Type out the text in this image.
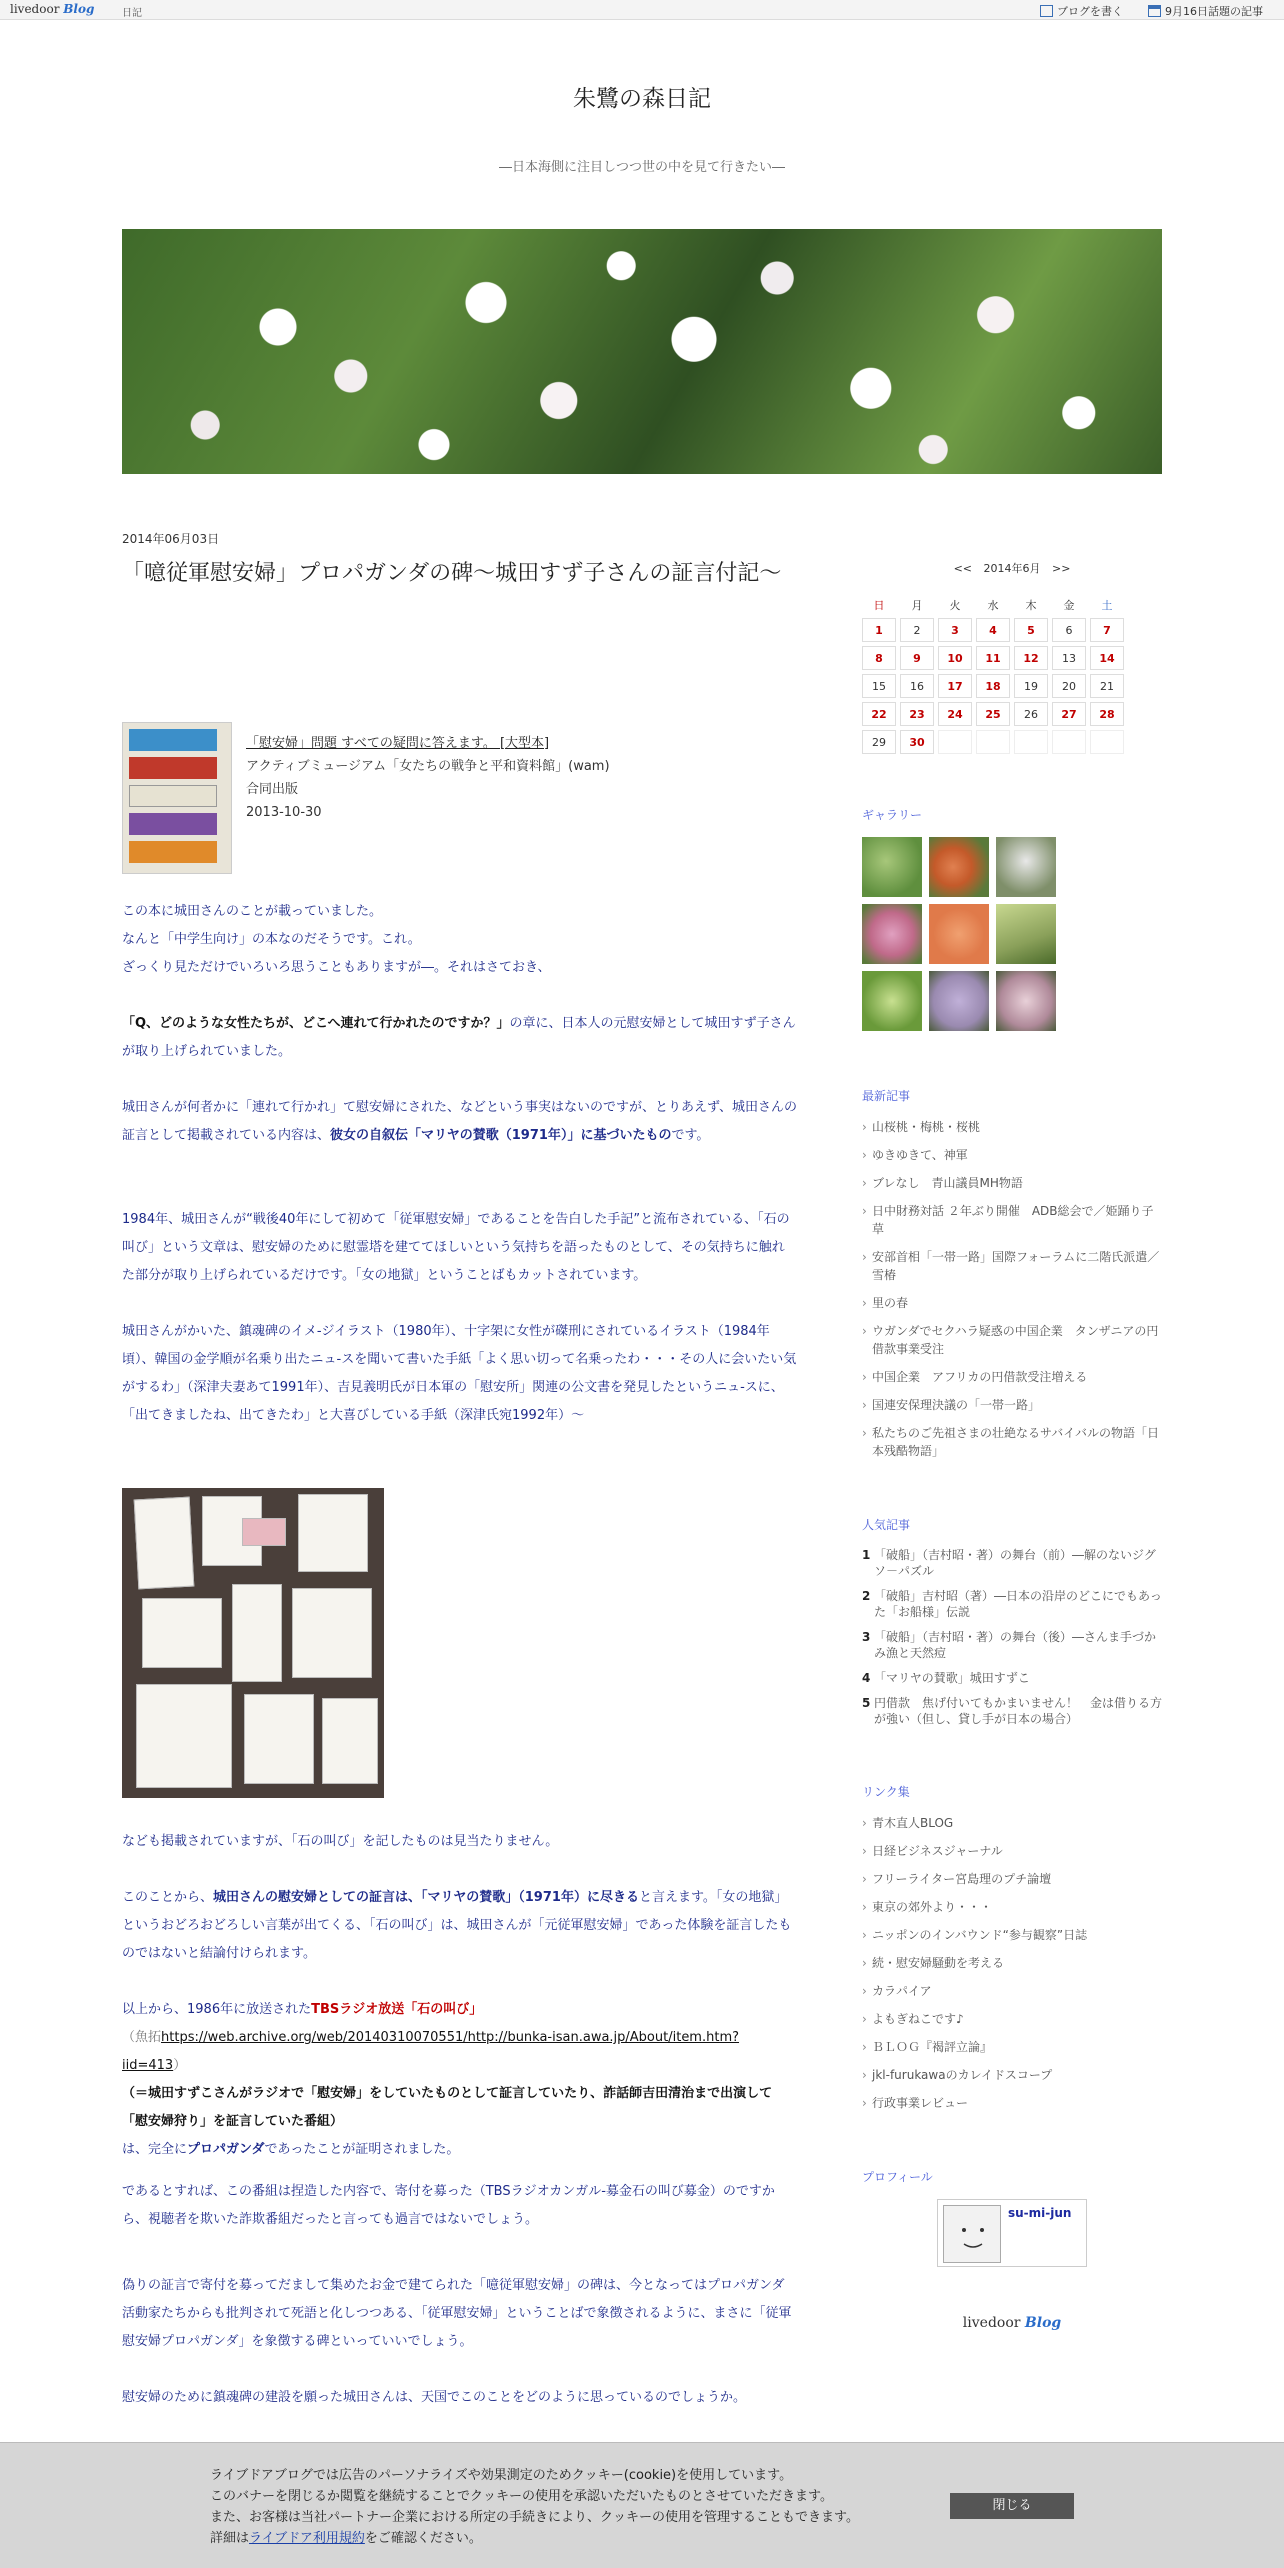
livedoor Blog	日記	ブログを書く	9月16日話題の記事
朱鷺の森日記
―日本海側に注目しつつ世の中を見て行きたい―
2014年06月03日
「噫従軍慰安婦」プロパガンダの碑～城田すず子さんの証言付記～
「慰安婦」問題 すべての疑問に答えます。 [大型本]
アクティブミュージアム「女たちの戦争と平和資料館」(wam)
合同出版
2013-10-30
この本に城田さんのことが載っていました。
なんと「中学生向け」の本なのだそうです。これ。
ざっくり見ただけでいろいろ思うこともありますが―。それはさておき、
「Q、どのような女性たちが、どこへ連れて行かれたのですか？」の章に、日本人の元慰安婦として城田すず子さんが取り上げられていました。
城田さんが何者かに「連れて行かれ」て慰安婦にされた、などという事実はないのですが、とりあえず、城田さんの証言として掲載されている内容は、彼女の自叙伝「マリヤの賛歌（1971年）」に基づいたものです。
1984年、城田さんが“戦後40年にして初めて「従軍慰安婦」であることを告白した手記”と流布されている、「石の叫び」という文章は、慰安婦のために慰霊塔を建ててほしいという気持ちを語ったものとして、その気持ちに触れた部分が取り上げられているだけです。「女の地獄」ということばもカットされています。
城田さんがかいた、鎮魂碑のイメ-ジイラスト（1980年）、十字架に女性が磔刑にされているイラスト（1984年頃）、韓国の金学順が名乗り出たニュ-スを聞いて書いた手紙「よく思い切って名乗ったわ・・・その人に会いたい気がするわ」（深津夫妻あて1991年）、吉見義明氏が日本軍の「慰安所」関連の公文書を発見したというニュ-スに、「出てきましたね、出てきたわ」と大喜びしている手紙（深津氏宛1992年）～
なども掲載されていますが、「石の叫び」を記したものは見当たりません。
このことから、城田さんの慰安婦としての証言は、「マリヤの賛歌」（1971年）に尽きると言えます。「女の地獄」というおどろおどろしい言葉が出てくる、「石の叫び」は、城田さんが「元従軍慰安婦」であった体験を証言したものではないと結論付けられます。
以上から、1986年に放送されたTBSラジオ放送「石の叫び」
（魚拓https://web.archive.org/web/20140310070551/http://bunka-isan.awa.jp/About/item.htm?iid=413）
（＝城田すずこさんがラジオで「慰安婦」をしていたものとして証言していたり、詐話師吉田清治まで出演して「慰安婦狩り」を証言していた番組）
は、完全にプロパガンダであったことが証明されました。
であるとすれば、この番組は捏造した内容で、寄付を募った（TBSラジオカンガル-募金石の叫び募金）のですから、視聴者を欺いた詐欺番組だったと言っても過言ではないでしょう。
偽りの証言で寄付を募ってだまして集めたお金で建てられた「噫従軍慰安婦」の碑は、今となってはプロパガンダ活動家たちからも批判されて死語と化しつつある、「従軍慰安婦」ということばで象徴されるように、まさに「従軍慰安婦プロパガンダ」を象徴する碑といっていいでしょう。
慰安婦のために鎮魂碑の建設を願った城田さんは、天国でこのことをどのように思っているのでしょうか。
<< 2014年6月 >>
日	月	火	水	木	金	土
1	2	3	4	5	6	7
8	9	10	11	12	13	14
15	16	17	18	19	20	21
22	23	24	25	26	27	28
29	30					
ギャラリー
最新記事
› 山桜桃・梅桃・桜桃
› ゆきゆきて、神軍
› ブレなし　青山議員MH物語
› 日中財務対話 ２年ぶり開催　ADB総会で／姫踊り子草
› 安部首相「一帯一路」国際フォーラムに二階氏派遣／雪椿
› 里の春
› ウガンダでセクハラ疑惑の中国企業　タンザニアの円借款事業受注
› 中国企業　アフリカの円借款受注増える
› 国連安保理決議の「一帯一路」
› 私たちのご先祖さまの壮絶なるサバイバルの物語「日本残酷物語」
人気記事
1 「破船」（吉村昭・著）の舞台（前）―解のないジグソ－パズル
2 「破船」吉村昭（著）―日本の沿岸のどこにでもあった「お船様」伝説
3 「破船」（吉村昭・著）の舞台（後）―さんま手づかみ漁と天然痘
4 「マリヤの賛歌」城田すずこ
5 円借款　焦げ付いてもかまいません！　金は借りる方が強い（但し、貸し手が日本の場合）
リンク集
› 青木直人BLOG
› 日経ビジネスジャーナル
› フリーライター宮島理のプチ論壇
› 東京の郊外より・・・
› ニッポンのインバウンド“参与観察”日誌
› 続・慰安婦騒動を考える
› カラパイア
› よもぎねこです♪
› ＢＬＯＧ『褐評立論』
› jkl-furukawaのカレイドスコープ
› 行政事業レビュー
プロフィール
su-mi-jun
livedoor Blog
ライブドアブログでは広告のパーソナライズや効果測定のためクッキー(cookie)を使用しています。
このバナーを閉じるか閲覧を継続することでクッキーの使用を承認いただいたものとさせていただきます。
また、お客様は当社パートナー企業における所定の手続きにより、クッキーの使用を管理することもできます。
詳細はライブドア利用規約をご確認ください。
閉じる
